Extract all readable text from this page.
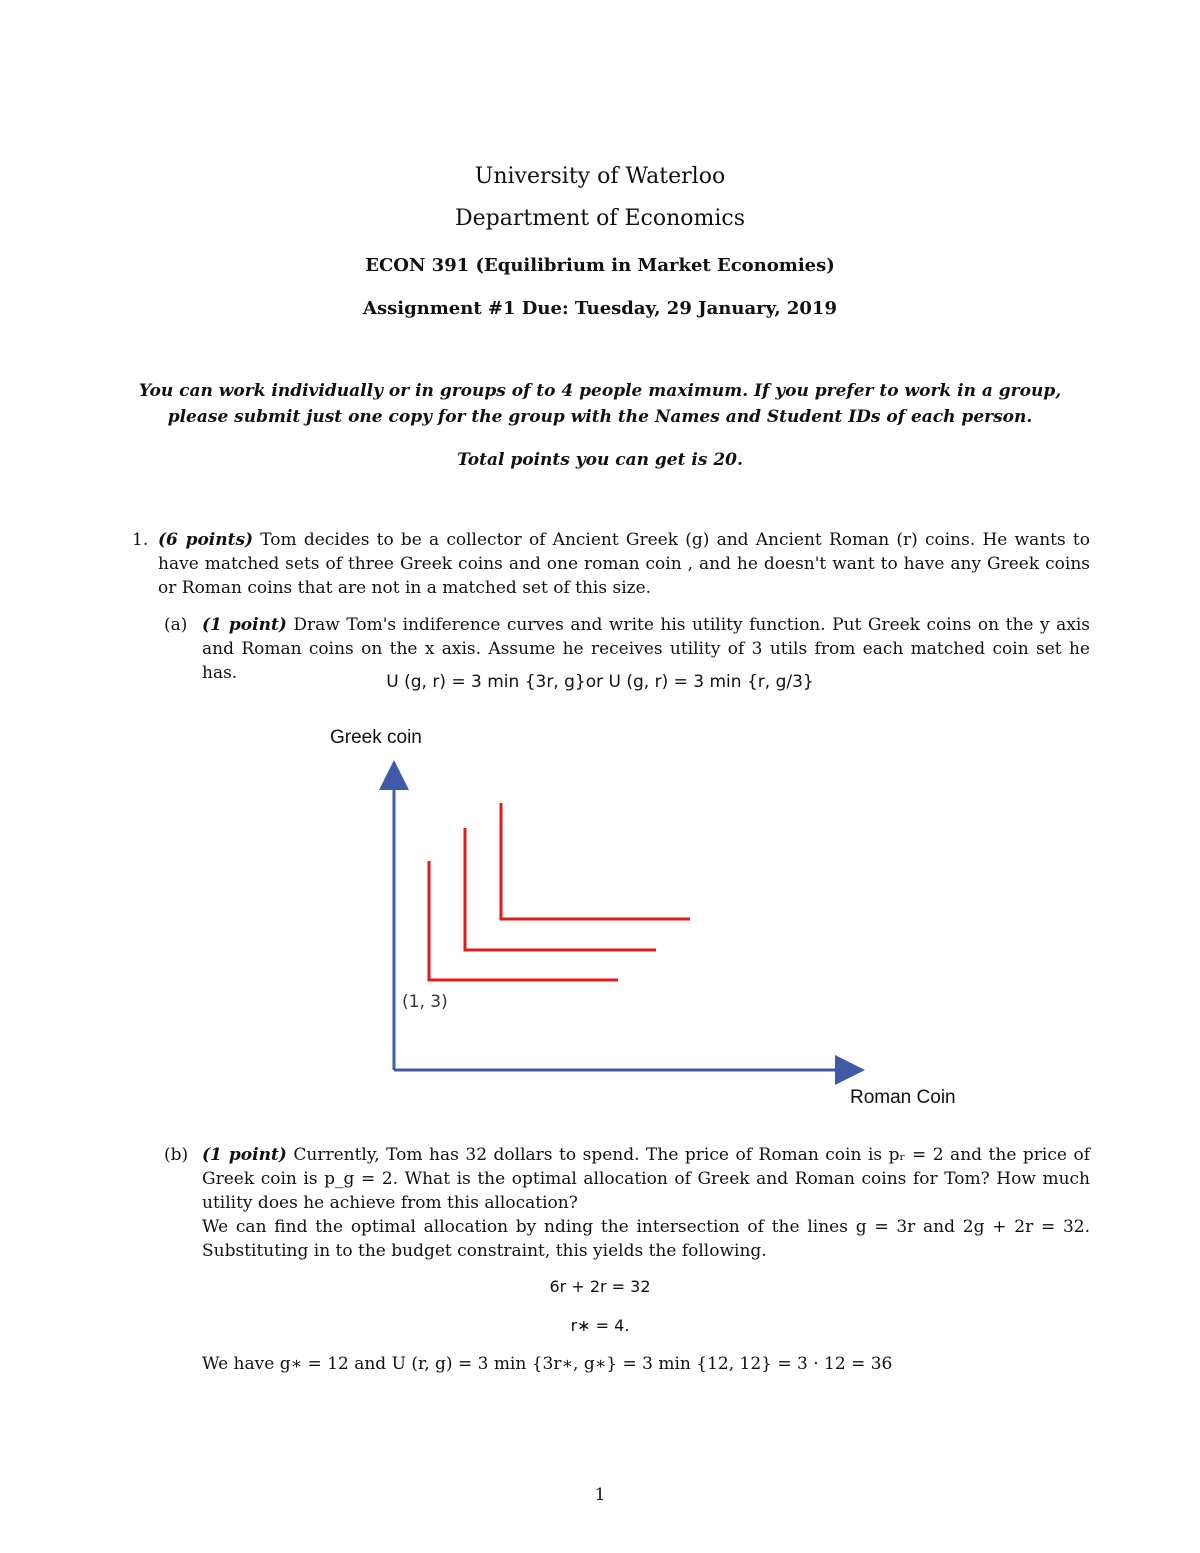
University of Waterloo
Department of Economics
ECON 391 (Equilibrium in Market Economies)
Assignment #1 Due: Tuesday, 29 January, 2019

You can work individually or in groups of to 4 people maximum. If you prefer to work in a group,

please submit just one copy for the group with the Names and Student IDs of each person.

Total points you can get is 20.
1. (6 points) Tom decides to be a collector of Ancient Greek (g) and Ancient Roman (r) coins. He wants to have matched sets of three Greek coins and one roman coin , and he doesn't want to have any Greek coins or Roman coins that are not in a matched set of this size.
(a) (1 point) Draw Tom's indiference curves and write his utility function. Put Greek coins on the y axis and Roman coins on the x axis. Assume he receives utility of 3 utils from each matched coin set he has.	U (g, r) = 3 min {3r, g}or U (g, r) = 3 min {r, g/3}
Greek coin
(1, 3)
Roman Coin
(b) (1 point) Currently, Tom has 32 dollars to spend. The price of Roman coin is pᵣ = 2 and the price of Greek coin is p_g = 2. What is the optimal allocation of Greek and Roman coins for Tom? How much utility does he achieve from this allocation?

We can find the optimal allocation by nding the intersection of the lines g = 3r and 2g + 2r = 32. Substituting in to the budget constraint, this yields the following.

6r + 2r = 32
r∗ = 4.
We have g∗ = 12 and U (r, g) = 3 min {3r∗, g∗} = 3 min {12, 12} = 3 · 12 = 36
1
